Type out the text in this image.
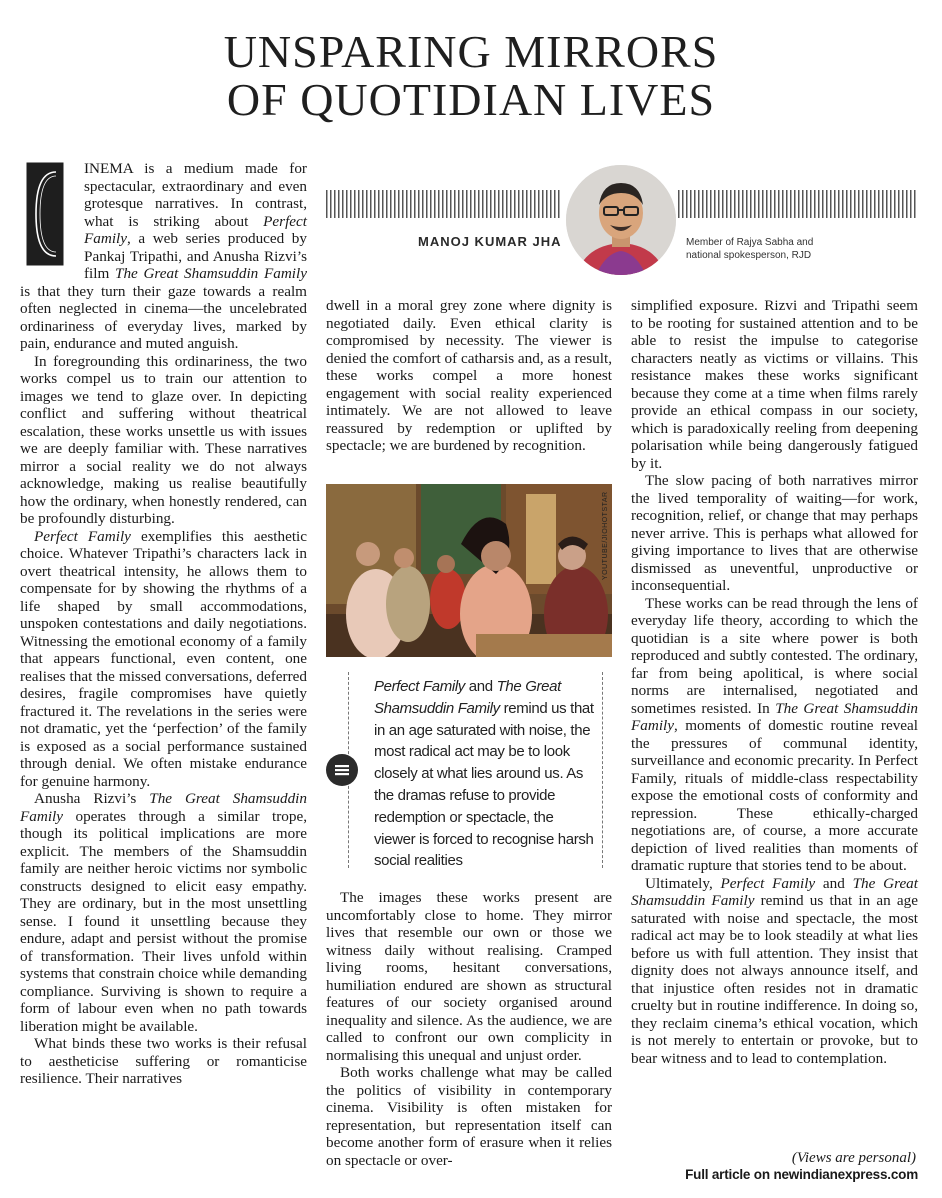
UNSPARING MIRRORS
OF QUOTIDIAN LIVES
MANOJ KUMAR JHA	Member of Rajya Sabha and
national spokesperson, RJD

INEMA is a medium made for spectacular, extraordinary and even grotesque narratives. In contrast, what is striking about Perfect Family, a web series produced by Pankaj Tripathi, and Anusha Rizvi’s film The Great Shamsuddin Family is that they turn their gaze towards a realm often neglected in cinema—the uncelebrated ordinariness of everyday lives, marked by pain, endurance and muted anguish.

In foregrounding this ordinariness, the two works compel us to train our attention to images we tend to glaze over. In depicting conflict and suffering without theatrical escalation, these works unsettle us with issues we are deeply familiar with. These narratives mirror a social reality we do not always acknowledge, making us realise beautifully how the ordinary, when honestly rendered, can be profoundly disturbing.

Perfect Family exemplifies this aesthetic choice. Whatever Tripathi’s characters lack in overt theatrical intensity, he allows them to compensate for by showing the rhythms of a life shaped by small accommodations, unspoken contestations and daily negotiations. Witnessing the emotional economy of a family that appears functional, even content, one realises that the missed conversations, deferred desires, fragile compromises have quietly fractured it. The revelations in the series were not dramatic, yet the ‘perfection’ of the family is exposed as a social performance sustained through denial. We often mistake endurance for genuine harmony.

Anusha Rizvi’s The Great Shamsuddin Family operates through a similar trope, though its political implications are more explicit. The members of the Shamsuddin family are neither heroic victims nor symbolic constructs designed to elicit easy empathy. They are ordinary, but in the most unsettling sense. I found it unsettling because they endure, adapt and persist without the promise of transformation. Their lives unfold within systems that constrain choice while demanding compliance. Surviving is shown to require a form of labour even when no path towards liberation might be available.

What binds these two works is their refusal to aestheticise suffering or romanticise resilience. Their narratives

dwell in a moral grey zone where dignity is negotiated daily. Even ethical clarity is compromised by necessity. The viewer is denied the comfort of catharsis and, as a result, these works compel a more honest engagement with social reality experienced intimately. We are not allowed to leave reassured by redemption or uplifted by spectacle; we are burdened by recognition.

YOUTUBE/JIOHOTSTAR
Perfect Family and The Great Shamsuddin Family remind us that in an age saturated with noise, the most radical act may be to look closely at what lies around us. As the dramas refuse to provide redemption or spectacle, the viewer is forced to recognise harsh social realities

The images these works present are uncomfortably close to home. They mirror lives that resemble our own or those we witness daily without realising. Cramped living rooms, hesitant conversations, humiliation endured are shown as structural features of our society organised around inequality and silence. As the audience, we are called to confront our own complicity in normalising this unequal and unjust order.

Both works challenge what may be called the politics of visibility in contemporary cinema. Visibility is often mistaken for representation, but representation itself can become another form of erasure when it relies on spectacle or over-

simplified exposure. Rizvi and Tripathi seem to be rooting for sustained attention and to be able to resist the impulse to categorise characters neatly as victims or villains. This resistance makes these works significant because they come at a time when films rarely provide an ethical compass in our society, which is paradoxically reeling from deepening polarisation while being dangerously fatigued by it.

The slow pacing of both narratives mirror the lived temporality of waiting—for work, recognition, relief, or change that may perhaps never arrive. This is perhaps what allowed for giving importance to lives that are otherwise dismissed as uneventful, unproductive or inconsequential.

These works can be read through the lens of everyday life theory, according to which the quotidian is a site where power is both reproduced and subtly contested. The ordinary, far from being apolitical, is where social norms are internalised, negotiated and sometimes resisted. In The Great Shamsuddin Family, moments of domestic routine reveal the pressures of communal identity, surveillance and economic precarity. In Perfect Family, rituals of middle-class respectability expose the emotional costs of conformity and repression. These ethically-charged negotiations are, of course, a more accurate depiction of lived realities than moments of dramatic rupture that stories tend to be about.

Ultimately, Perfect Family and The Great Shamsuddin Family remind us that in an age saturated with noise and spectacle, the most radical act may be to look steadily at what lies before us with full attention. They insist that dignity does not always announce itself, and that injustice often resides not in dramatic cruelty but in routine indifference. In doing so, they reclaim cinema’s ethical vocation, which is not merely to entertain or provoke, but to bear witness and to lead to contemplation.

(Views are personal)
Full article on newindianexpress.com
